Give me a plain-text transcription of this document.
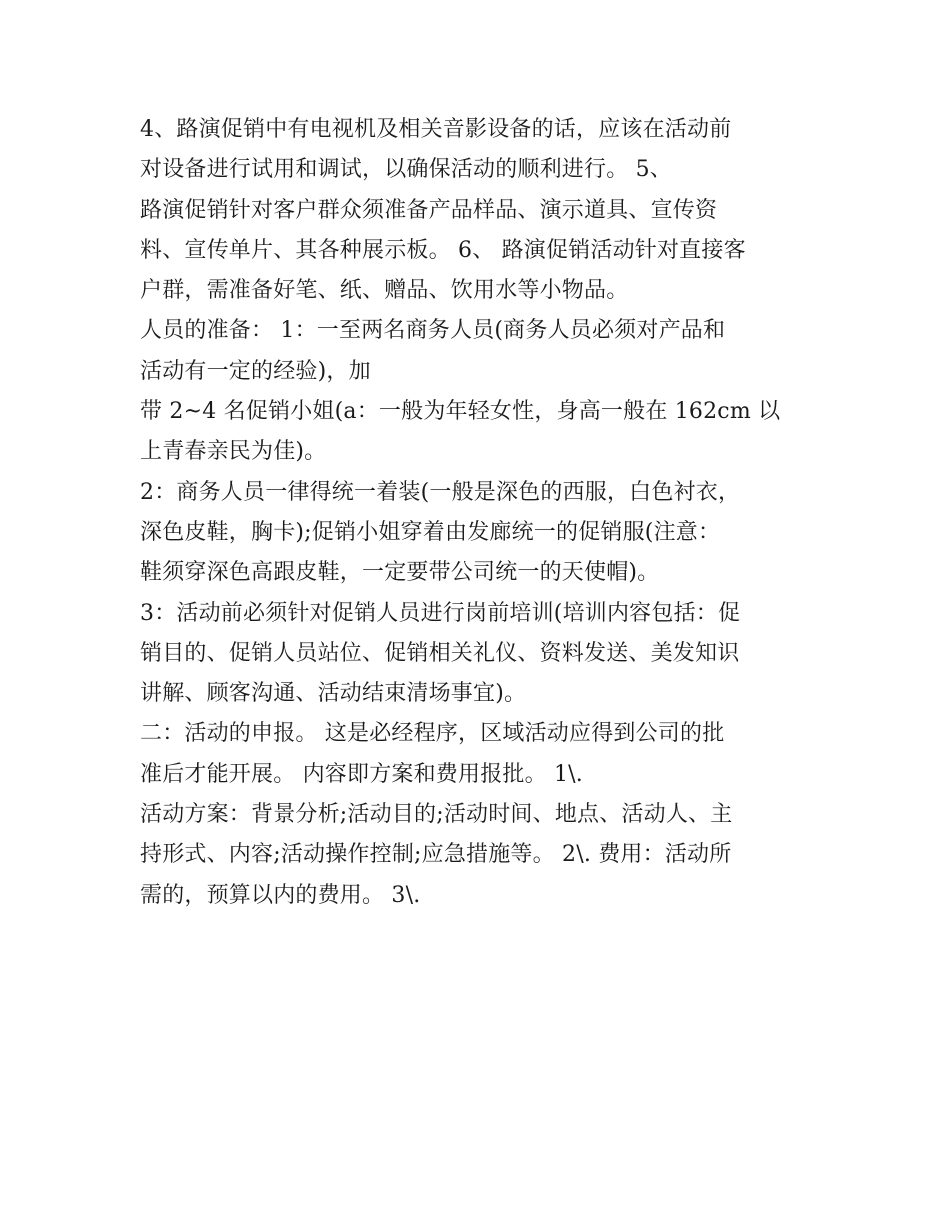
4、路演促销中有电视机及相关音影设备的话，应该在活动前
对设备进行试用和调试，以确保活动的顺利进行。 5、
路演促销针对客户群众须准备产品样品、演示道具、宣传资
料、宣传单片、其各种展示板。 6、 路演促销活动针对直接客
户群，需准备好笔、纸、赠品、饮用水等小物品。
人员的准备： 1：一至两名商务人员(商务人员必须对产品和
活动有一定的经验)，加
带 2~4 名促销小姐(a：一般为年轻女性，身高一般在 162cm 以
上青春亲民为佳)。
2：商务人员一律得统一着装(一般是深色的西服，白色衬衣，
深色皮鞋，胸卡);促销小姐穿着由发廊统一的促销服(注意：
鞋须穿深色高跟皮鞋，一定要带公司统一的天使帽)。
3：活动前必须针对促销人员进行岗前培训(培训内容包括：促
销目的、促销人员站位、促销相关礼仪、资料发送、美发知识
讲解、顾客沟通、活动结束清场事宜)。
二：活动的申报。 这是必经程序，区域活动应得到公司的批
准后才能开展。 内容即方案和费用报批。 1\.
活动方案：背景分析;活动目的;活动时间、地点、活动人、主
持形式、内容;活动操作控制;应急措施等。 2\. 费用：活动所
需的，预算以内的费用。 3\.
